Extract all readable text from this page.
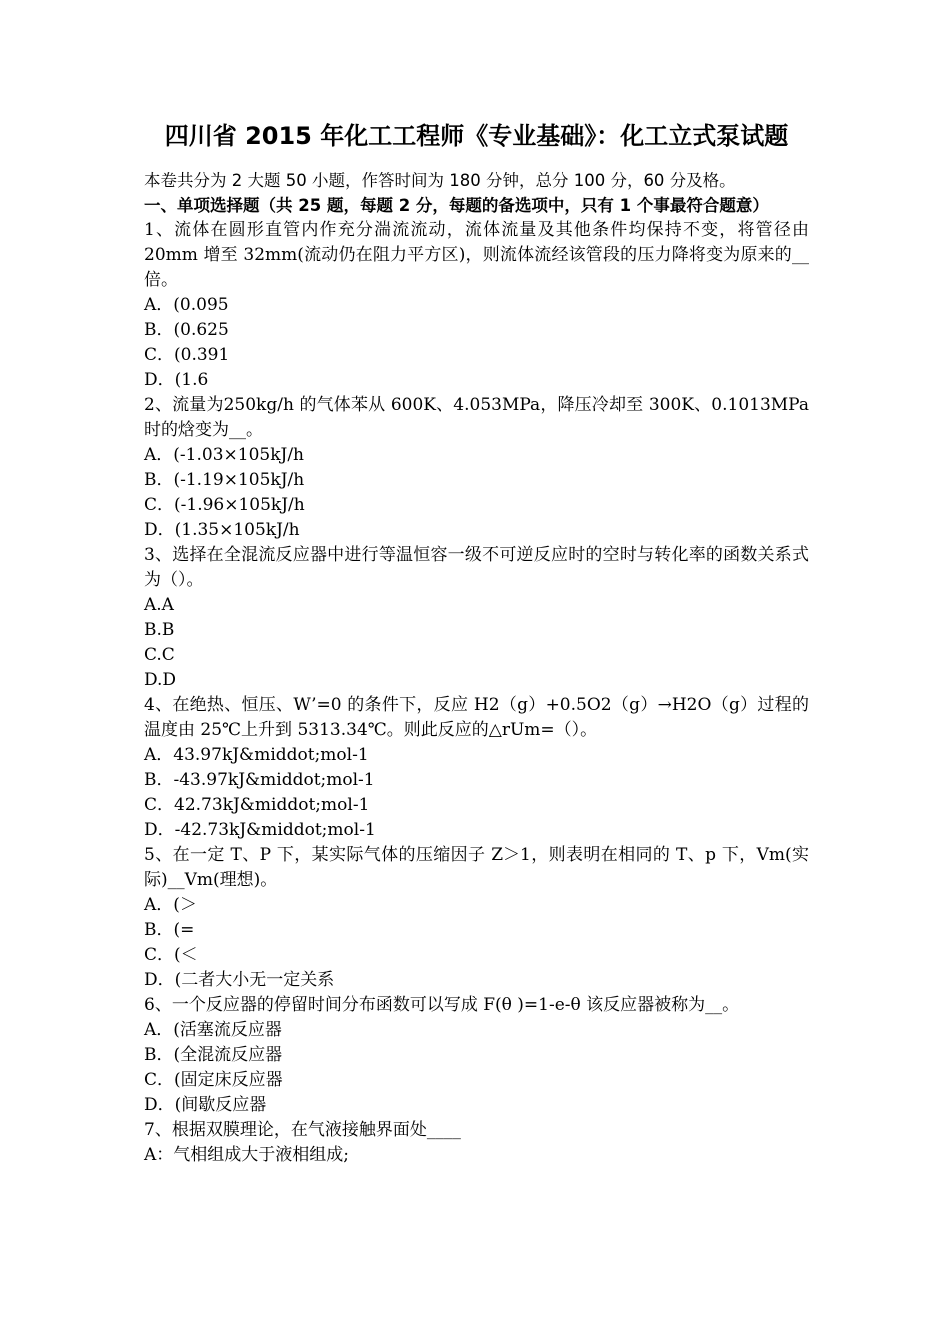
四川省 2015 年化工工程师《专业基础》：化工立式泵试题
本卷共分为 2 大题 50 小题，作答时间为 180 分钟，总分 100 分，60 分及格。
一、单项选择题（共 25 题，每题 2 分，每题的备选项中，只有 1 个事最符合题意）
1、流体在圆形直管内作充分湍流流动，流体流量及其他条件均保持不变，将管径由 20mm 增至 32mm(流动仍在阻力平方区)，则流体流经该管段的压力降将变为原来的__倍。
A．(0.095
B．(0.625
C．(0.391
D．(1.6
2、流量为250kg/h 的气体苯从 600K、4.053MPa，降压冷却至 300K、0.1013MPa 时的焓变为__。
A．(-1.03×105kJ/h
B．(-1.19×105kJ/h
C．(-1.96×105kJ/h
D．(1.35×105kJ/h
3、选择在全混流反应器中进行等温恒容一级不可逆反应时的空时与转化率的函数关系式为（）。
A.A
B.B
C.C
D.D
4、在绝热、恒压、W’=0 的条件下，反应 H2（g）+0.5O2（g）→H2O（g）过程的温度由 25℃上升到 5313.34℃。则此反应的△rUm=（）。
A．43.97kJ&middot;mol-1
B．-43.97kJ&middot;mol-1
C．42.73kJ&middot;mol-1
D．-42.73kJ&middot;mol-1
5、在一定 T、P 下，某实际气体的压缩因子 Z＞1，则表明在相同的 T、p 下，Vm(实际)__Vm(理想)。
A．(＞
B．(=
C．(＜
D．(二者大小无一定关系
6、一个反应器的停留时间分布函数可以写成 F(θ )=1-e-θ 该反应器被称为__。
A．(活塞流反应器
B．(全混流反应器
C．(固定床反应器
D．(间歇反应器
7、根据双膜理论，在气液接触界面处____
A：气相组成大于液相组成;
